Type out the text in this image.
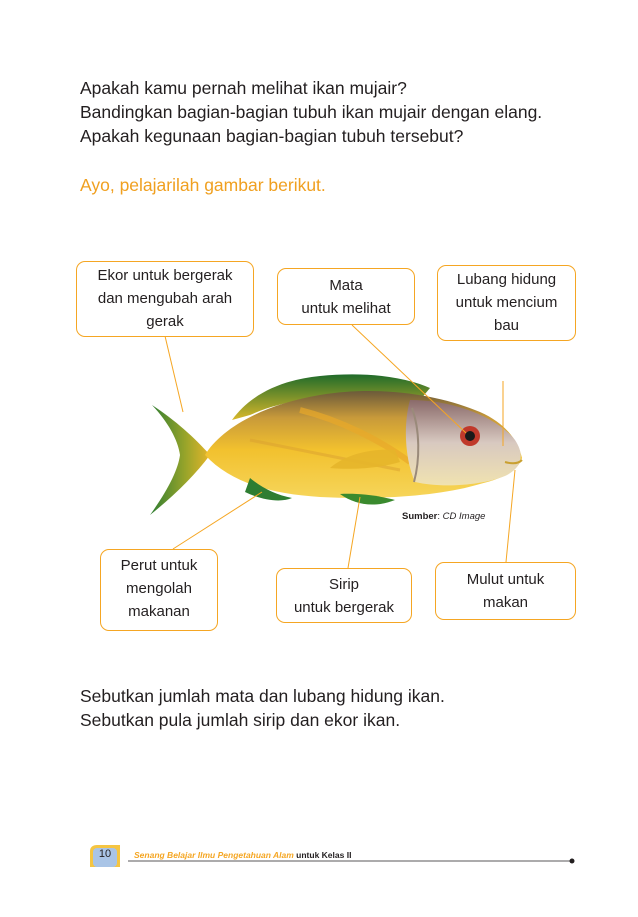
Apakah kamu pernah melihat ikan mujair?
Bandingkan bagian-bagian tubuh ikan mujair dengan elang.
Apakah kegunaan bagian-bagian tubuh tersebut?
Ayo, pelajarilah gambar berikut.
Ekor untuk bergerak
dan mengubah arah
gerak
Mata
untuk melihat
Lubang hidung
untuk mencium
bau
Perut untuk
mengolah
makanan
Sirip
untuk bergerak
Mulut untuk
makan
Sumber: CD Image
Sebutkan jumlah mata dan lubang hidung ikan.
Sebutkan pula jumlah sirip dan ekor ikan.
10	Senang Belajar Ilmu Pengetahuan Alam untuk Kelas II
